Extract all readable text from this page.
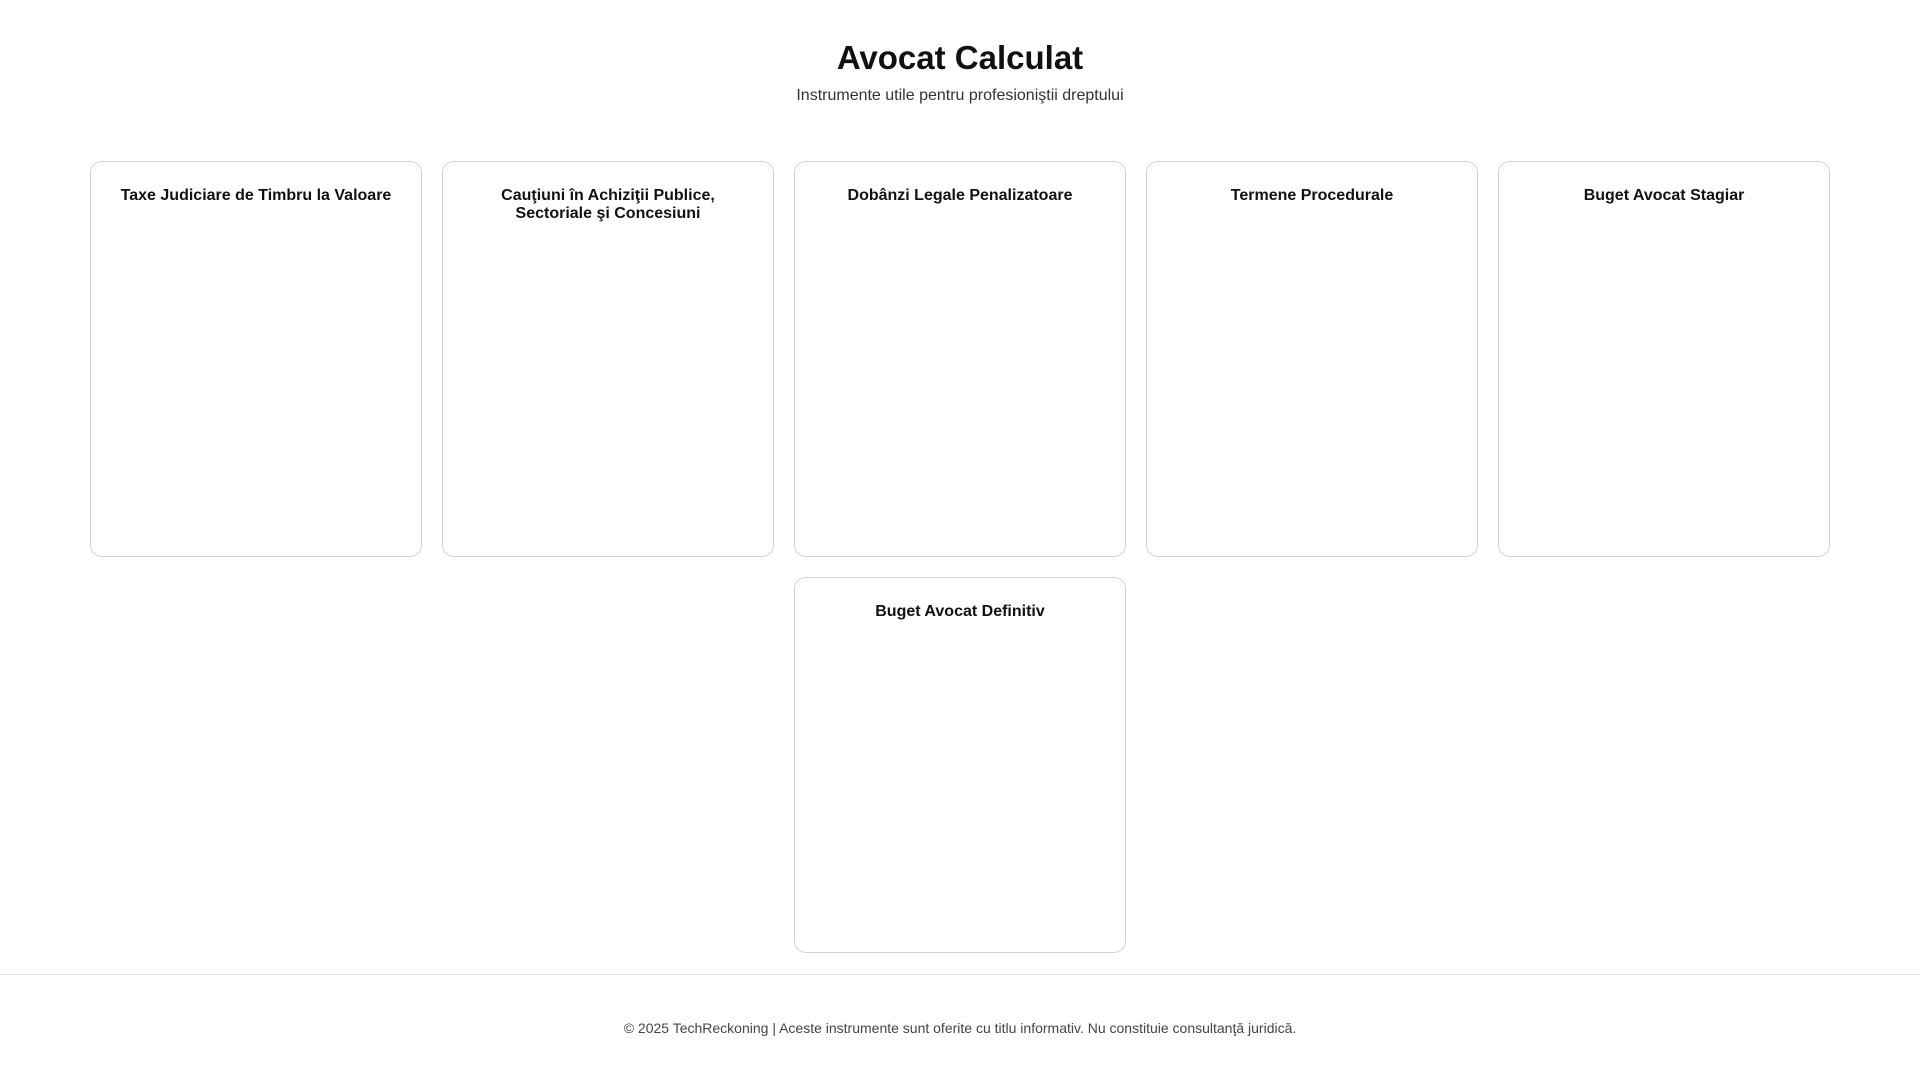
Avocat Calculat

Instrumente utile pentru profesioniştii dreptului

Taxe Judiciare de Timbru la Valoare	Cauţiuni în Achiziţii Publice, Sectoriale şi Concesiuni
Dobânzi Legale Penalizatoare	Termene Procedurale	Buget Avocat Stagiar
Buget Avocat Definitiv
© 2025 TechReckoning | Aceste instrumente sunt oferite cu titlu informativ. Nu constituie consultanţă juridică.
